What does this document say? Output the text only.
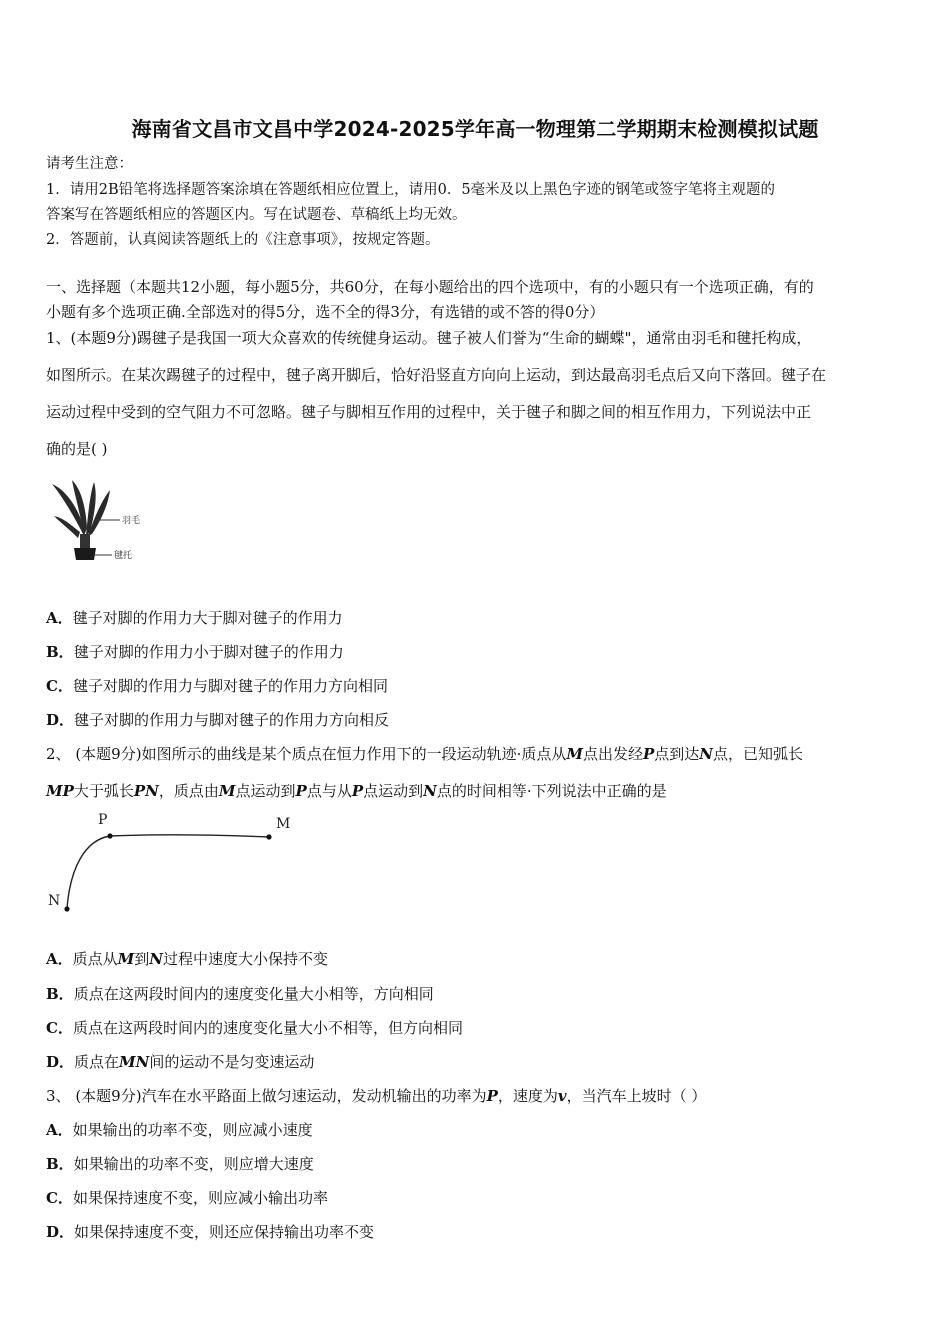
海南省文昌市文昌中学2024-2025学年高一物理第二学期期末检测模拟试题
请考生注意：
1．请用2B铅笔将选择题答案涂填在答题纸相应位置上，请用0．5毫米及以上黑色字迹的钢笔或签字笔将主观题的
答案写在答题纸相应的答题区内。写在试题卷、草稿纸上均无效。
2．答题前，认真阅读答题纸上的《注意事项》，按规定答题。
一、选择题（本题共12小题，每小题5分，共60分，在每小题给出的四个选项中，有的小题只有一个选项正确，有的
小题有多个选项正确.全部选对的得5分，选不全的得3分，有选错的或不答的得0分）
1、(本题9分)踢毽子是我国一项大众喜欢的传统健身运动。毽子被人们誉为“生命的蝴蝶"，通常由羽毛和毽托构成，
如图所示。在某次踢毽子的过程中，毽子离开脚后，恰好沿竖直方向向上运动，到达最高羽毛点后又向下落回。毽子在
运动过程中受到的空气阻力不可忽略。毽子与脚相互作用的过程中，关于毽子和脚之间的相互作用力，下列说法中正
确的是( )
羽毛
毽托
A．毽子对脚的作用力大于脚对毽子的作用力
B．毽子对脚的作用力小于脚对毽子的作用力
C．毽子对脚的作用力与脚对毽子的作用力方向相同
D．毽子对脚的作用力与脚对毽子的作用力方向相反
2、 (本题9分)如图所示的曲线是某个质点在恒力作用下的一段运动轨迹·质点从M点出发经P点到达N点，已知弧长
MP大于弧长PN，质点由M点运动到P点与从P点运动到N点的时间相等·下列说法中正确的是
P	M
N
A．质点从M到N过程中速度大小保持不变
B．质点在这两段时间内的速度变化量大小相等，方向相同
C．质点在这两段时间内的速度变化量大小不相等，但方向相同
D．质点在MN间的运动不是匀变速运动
3、 (本题9分)汽车在水平路面上做匀速运动，发动机输出的功率为P，速度为v，当汽车上坡时（ ）
A．如果输出的功率不变，则应减小速度
B．如果输出的功率不变，则应增大速度
C．如果保持速度不变，则应减小输出功率
D．如果保持速度不变，则还应保持输出功率不变
